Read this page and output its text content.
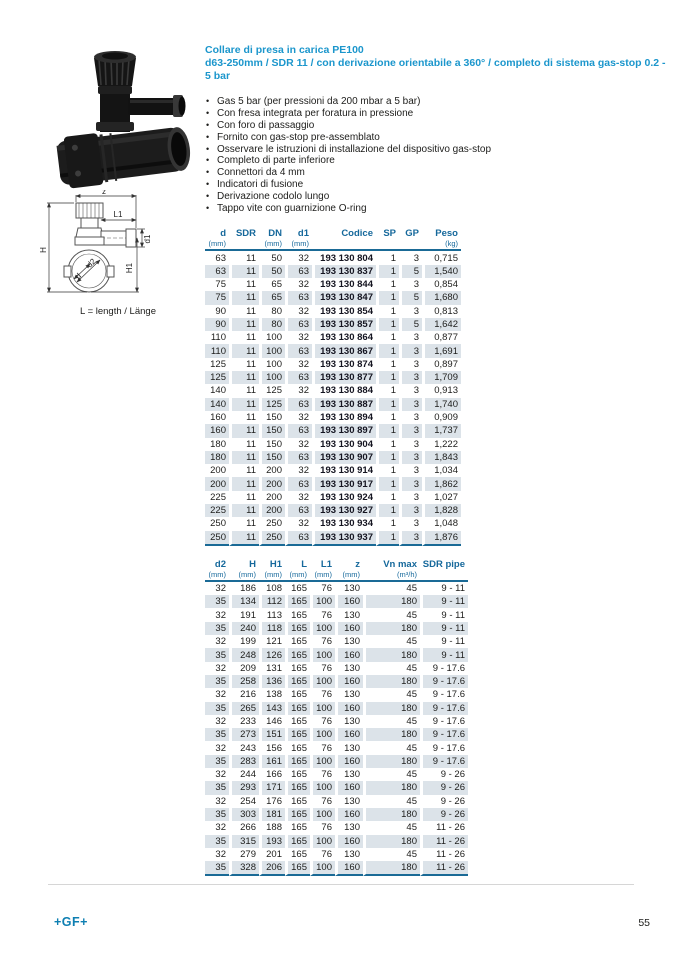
z
L1
H
d1
H1
d2
d
L = length / Länge
Collare di presa in carica PE100
d63-250mm / SDR 11 / con derivazione orientabile a 360° / completo di sistema gas-stop 0.2 - 5 bar
• Gas 5 bar (per pressioni da 200 mbar a 5 bar)
• Con fresa integrata per foratura in pressione
• Con foro di passaggio
• Fornito con gas-stop pre-assemblato
• Osservare le istruzioni di installazione del dispositivo gas-stop
• Completo di parte inferiore
• Connettori da 4 mm
• Indicatori di fusione
• Derivazione codolo lungo
• Tappo vite con guarnizione O-ring
d	SDR	DN	d1	Codice	SP	GP	Peso
(mm)		(mm)	(mm)				(kg)
63	11	50	32	193 130 804	1	3	0,715
63	11	50	63	193 130 837	1	5	1,540
75	11	65	32	193 130 844	1	3	0,854
75	11	65	63	193 130 847	1	5	1,680
90	11	80	32	193 130 854	1	3	0,813
90	11	80	63	193 130 857	1	5	1,642
110	11	100	32	193 130 864	1	3	0,877
110	11	100	63	193 130 867	1	3	1,691
125	11	100	32	193 130 874	1	3	0,897
125	11	100	63	193 130 877	1	3	1,709
140	11	125	32	193 130 884	1	3	0,913
140	11	125	63	193 130 887	1	3	1,740
160	11	150	32	193 130 894	1	3	0,909
160	11	150	63	193 130 897	1	3	1,737
180	11	150	32	193 130 904	1	3	1,222
180	11	150	63	193 130 907	1	3	1,843
200	11	200	32	193 130 914	1	3	1,034
200	11	200	63	193 130 917	1	3	1,862
225	11	200	32	193 130 924	1	3	1,027
225	11	200	63	193 130 927	1	3	1,828
250	11	250	32	193 130 934	1	3	1,048
250	11	250	63	193 130 937	1	3	1,876
d2	H	H1	L	L1	z	Vn max	SDR pipe
(mm)	(mm)	(mm)	(mm)	(mm)	(mm)	(m³/h)	
32	186	108	165	76	130	45	9 - 11
35	134	112	165	100	160	180	9 - 11
32	191	113	165	76	130	45	9 - 11
35	240	118	165	100	160	180	9 - 11
32	199	121	165	76	130	45	9 - 11
35	248	126	165	100	160	180	9 - 11
32	209	131	165	76	130	45	9 - 17.6
35	258	136	165	100	160	180	9 - 17.6
32	216	138	165	76	130	45	9 - 17.6
35	265	143	165	100	160	180	9 - 17.6
32	233	146	165	76	130	45	9 - 17.6
35	273	151	165	100	160	180	9 - 17.6
32	243	156	165	76	130	45	9 - 17.6
35	283	161	165	100	160	180	9 - 17.6
32	244	166	165	76	130	45	9 - 26
35	293	171	165	100	160	180	9 - 26
32	254	176	165	76	130	45	9 - 26
35	303	181	165	100	160	180	9 - 26
32	266	188	165	76	130	45	11 - 26
35	315	193	165	100	160	180	11 - 26
32	279	201	165	76	130	45	11 - 26
35	328	206	165	100	160	180	11 - 26
+GF+	55
